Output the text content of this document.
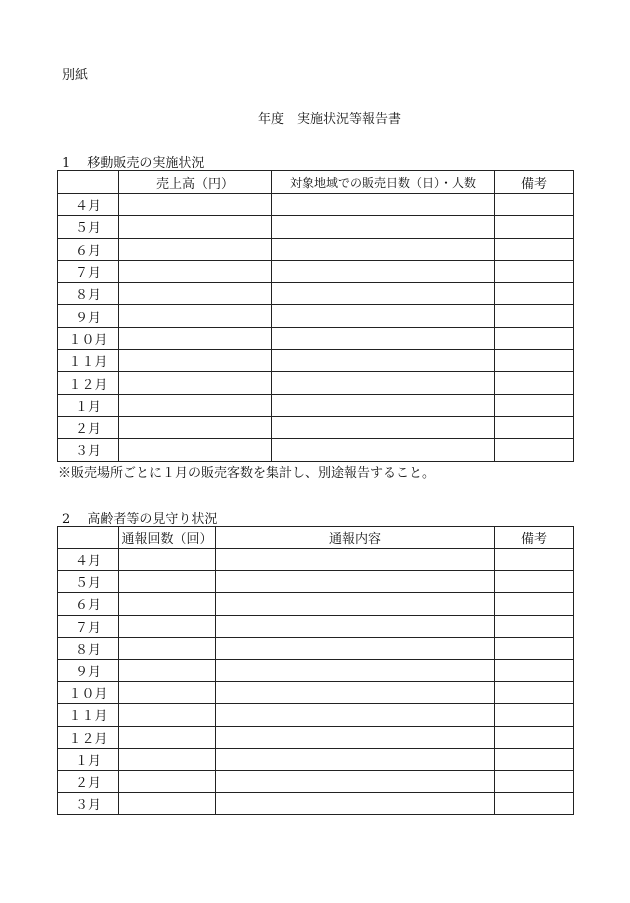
別紙
年度　実施状況等報告書
1　 移動販売の実施状況
	売上高（円）	対象地域での販売日数（日）・人数	備考
４月			
５月			
６月			
７月			
８月			
９月			
１０月			
１１月			
１２月			
１月			
２月			
３月			
※販売場所ごとに１月の販売客数を集計し、別途報告すること。
2　 高齢者等の見守り状況
	通報回数（回）	通報内容	備考
４月			
５月			
６月			
７月			
８月			
９月			
１０月			
１１月			
１２月			
１月			
２月			
３月			
